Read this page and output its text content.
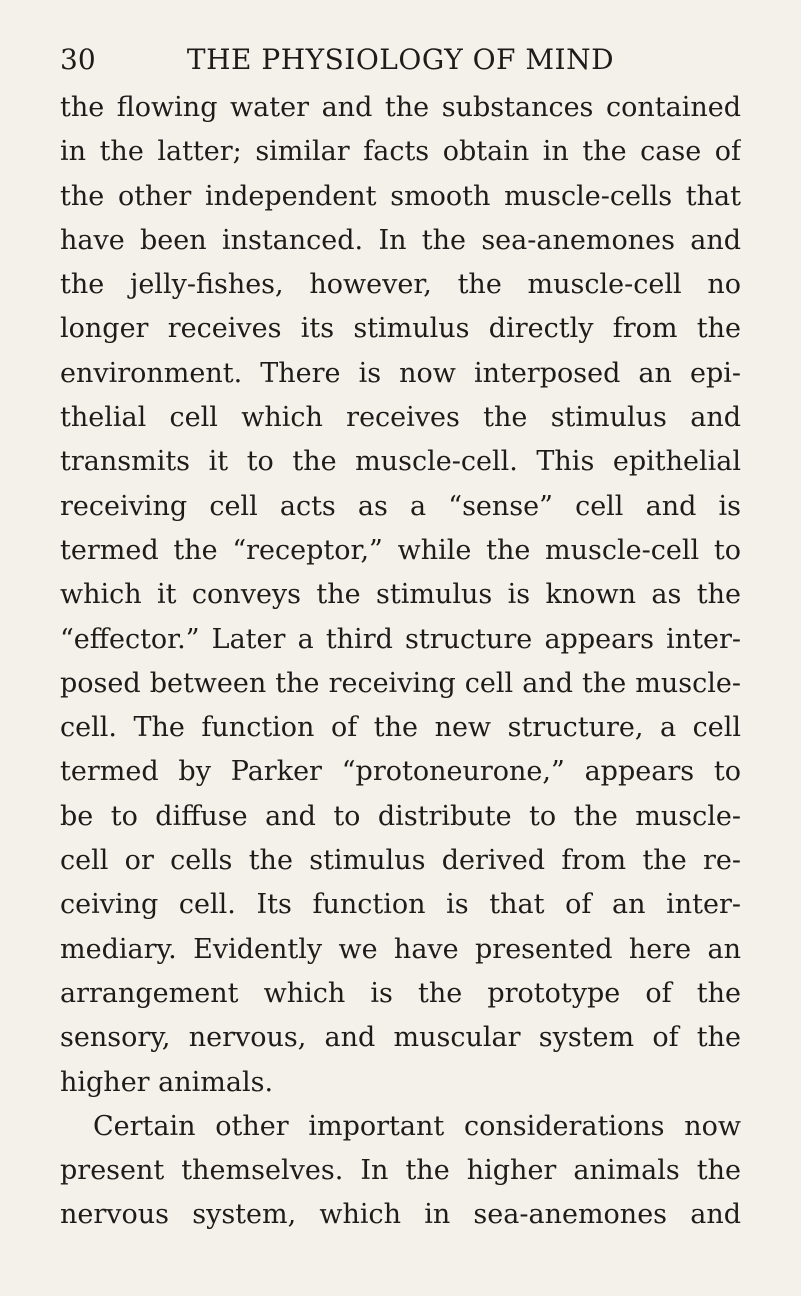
30	THE PHYSIOLOGY OF MIND
the flowing water and the substances contained
in the latter; similar facts obtain in the case of
the other independent smooth muscle-cells that
have been instanced. In the sea-anemones and
the jelly-fishes, however, the muscle-cell no
longer receives its stimulus directly from the
environment. There is now interposed an epi-
thelial cell which receives the stimulus and
transmits it to the muscle-cell. This epithelial
receiving cell acts as a “sense” cell and is
termed the “receptor,” while the muscle-cell to
which it conveys the stimulus is known as the
“effector.” Later a third structure appears inter-
posed between the receiving cell and the muscle-
cell. The function of the new structure, a cell
termed by Parker “protoneurone,” appears to
be to diffuse and to distribute to the muscle-
cell or cells the stimulus derived from the re-
ceiving cell. Its function is that of an inter-
mediary. Evidently we have presented here an
arrangement which is the prototype of the
sensory, nervous, and muscular system of the
higher animals.
Certain other important considerations now
present themselves. In the higher animals the
nervous system, which in sea-anemones and
